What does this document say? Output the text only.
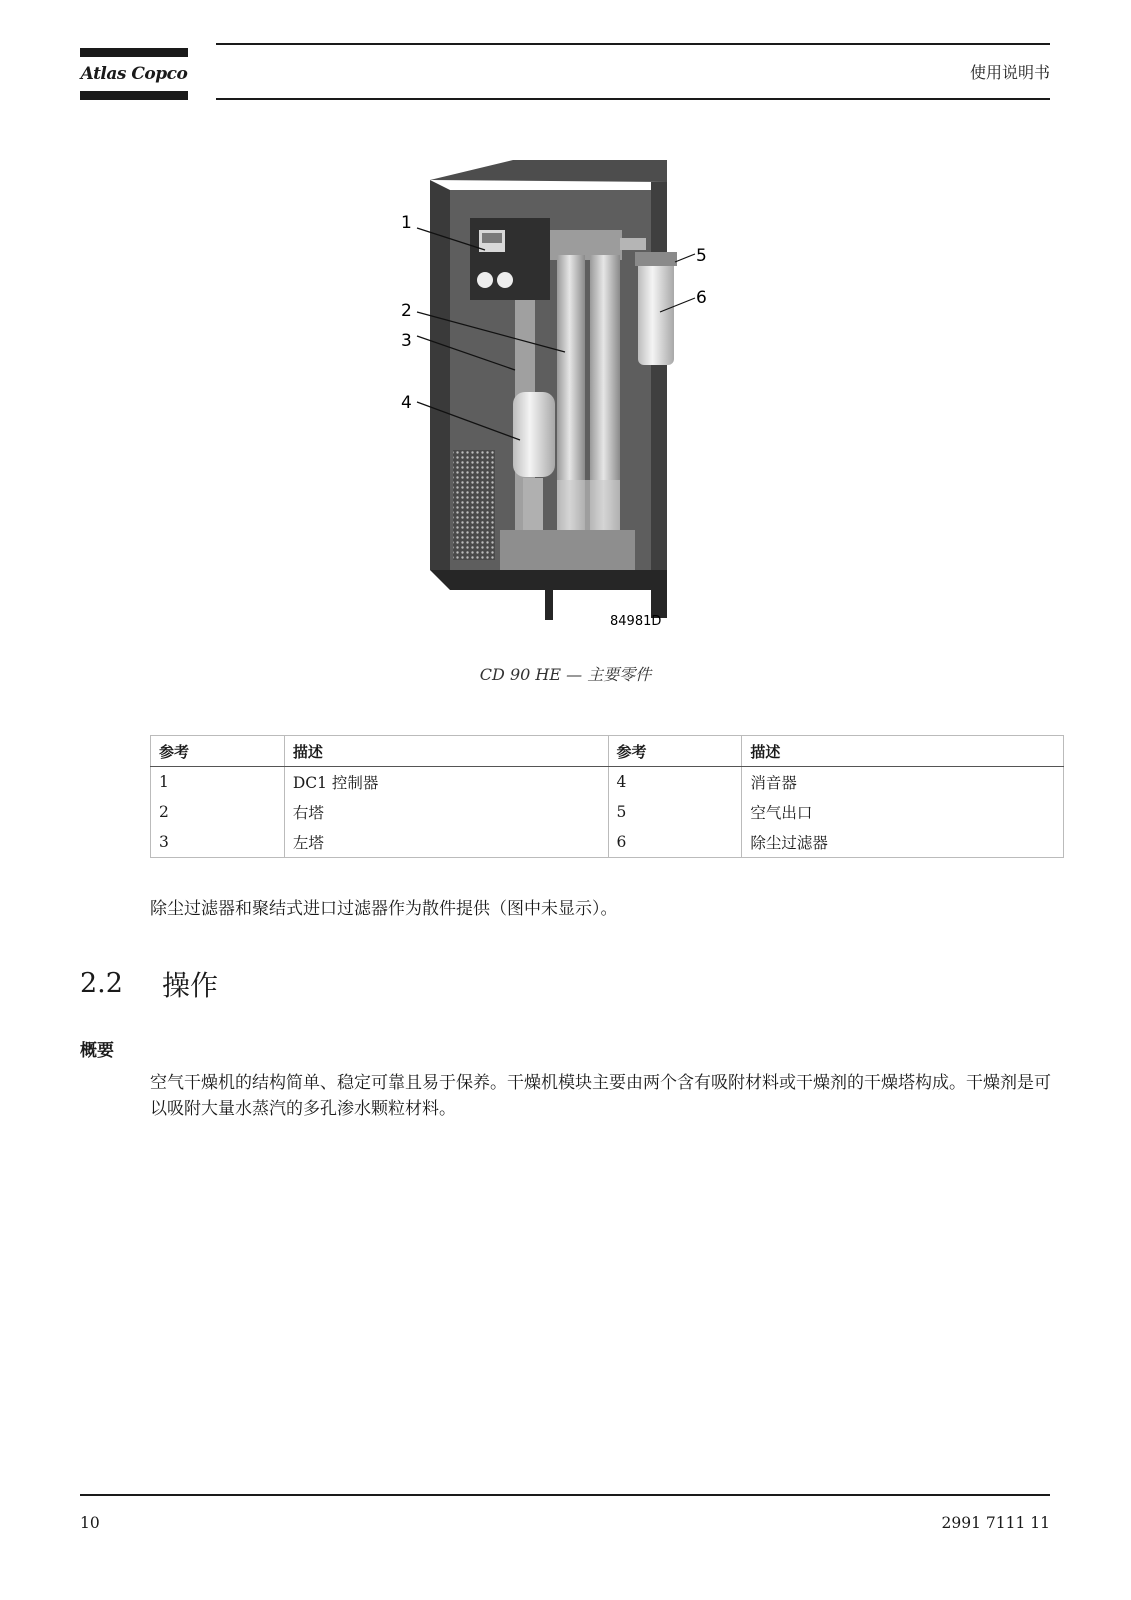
Atlas Copco	使用说明书
1
2
3
4
5
6
84981D
CD 90 HE — 主要零件
参考	描述	参考	描述
1	DC1 控制器	4	消音器
2	右塔	5	空气出口
3	左塔	6	除尘过滤器
除尘过滤器和聚结式进口过滤器作为散件提供（图中未显示）。
2.2 操作
概要
空气干燥机的结构简单、稳定可靠且易于保养。干燥机模块主要由两个含有吸附材料或干燥剂的干燥塔构成。干燥剂是可以吸附大量水蒸汽的多孔渗水颗粒材料。
10	2991 7111 11
